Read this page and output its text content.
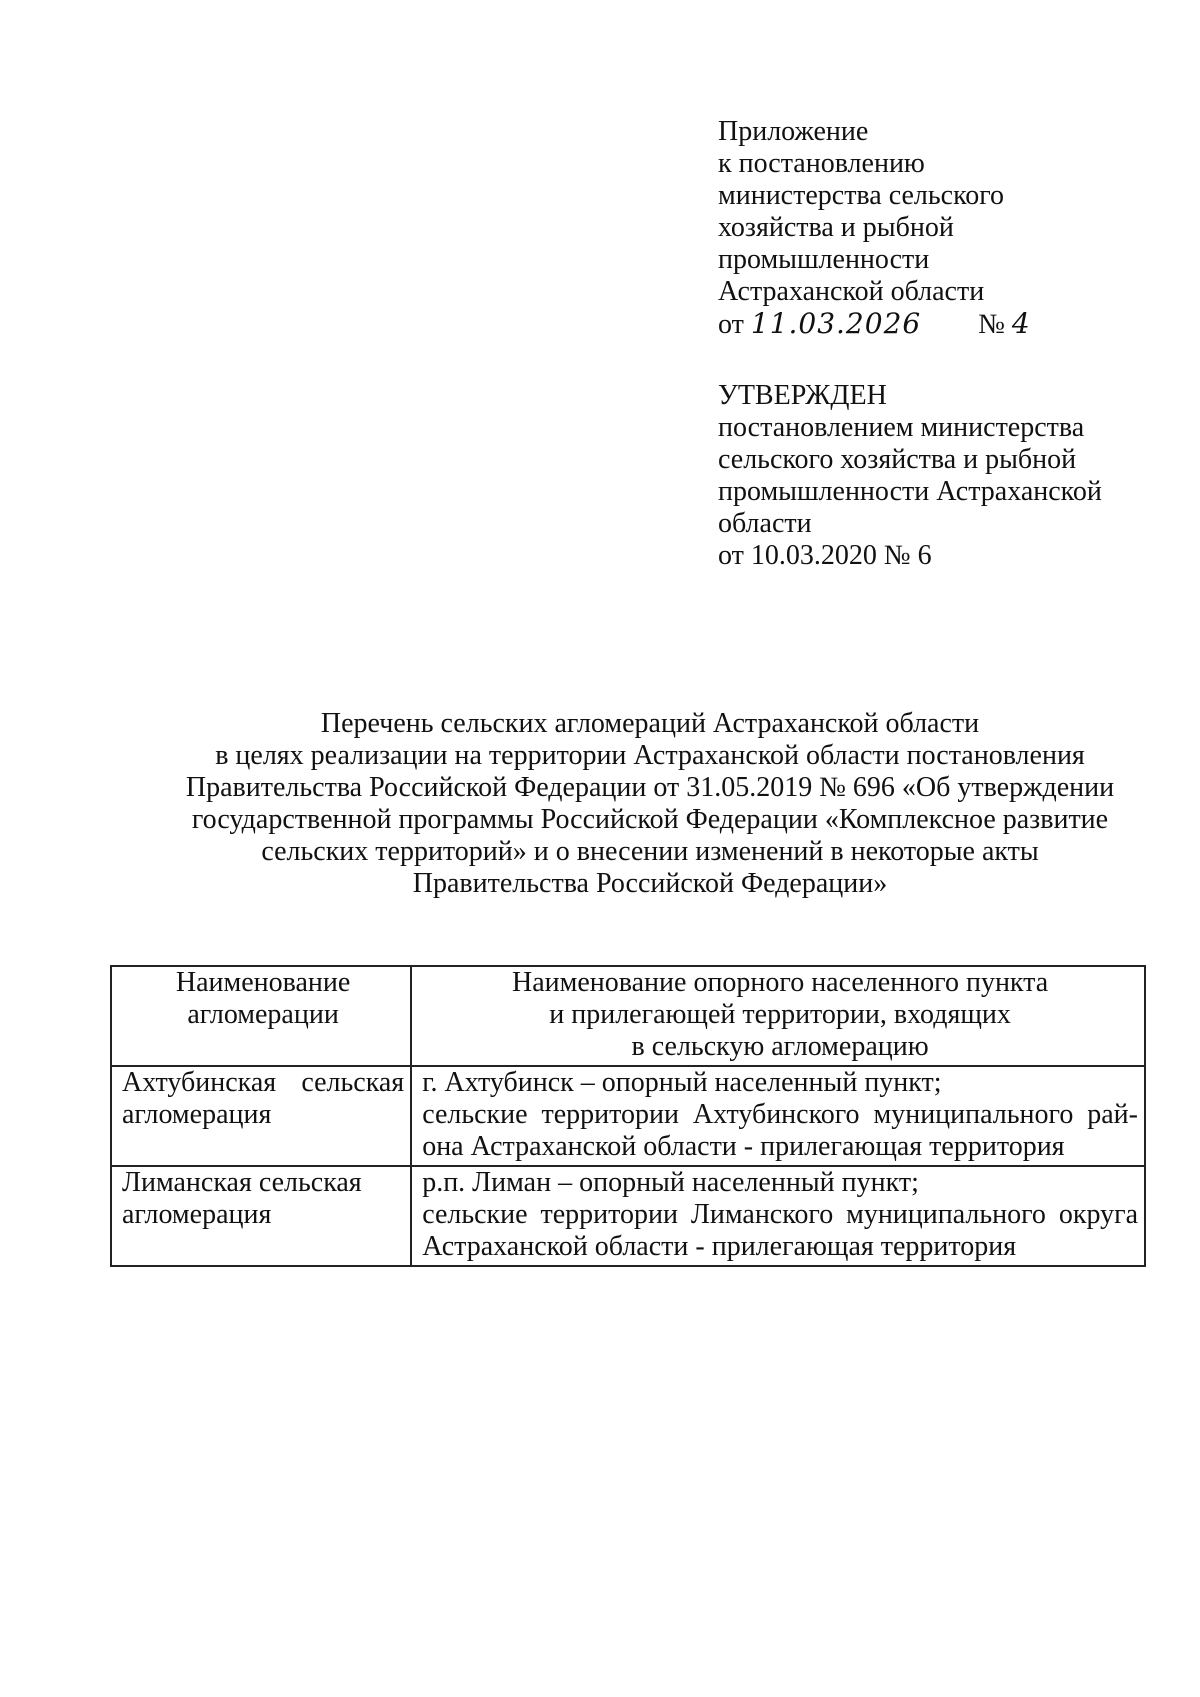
Приложение
к постановлению
министерства сельского
хозяйства и рыбной
промышленности
Астраханской области
от 11.03.2026 № 4
УТВЕРЖДЕН
постановлением министерства
сельского хозяйства и рыбной
промышленности Астраханской
области
от 10.03.2020 № 6
Перечень сельских агломераций Астраханской области
в целях реализации на территории Астраханской области постановления
Правительства Российской Федерации от 31.05.2019 № 696 «Об утверждении
государственной программы Российской Федерации «Комплексное развитие
сельских территорий» и о внесении изменений в некоторые акты
Правительства Российской Федерации»
Наименование
агломерации	Наименование опорного населенного пункта
и прилегающей территории, входящих
в сельскую агломерацию

Ахтубинская сельская
агломерация	г. Ахтубинск – опорный населенный пункт;
сельские территории Ахтубинского муниципального рай-
она Астраханской области - прилегающая территория

Лиманская сельская
агломерация	р.п. Лиман – опорный населенный пункт;
сельские территории Лиманского муниципального округа
Астраханской области - прилегающая территория
